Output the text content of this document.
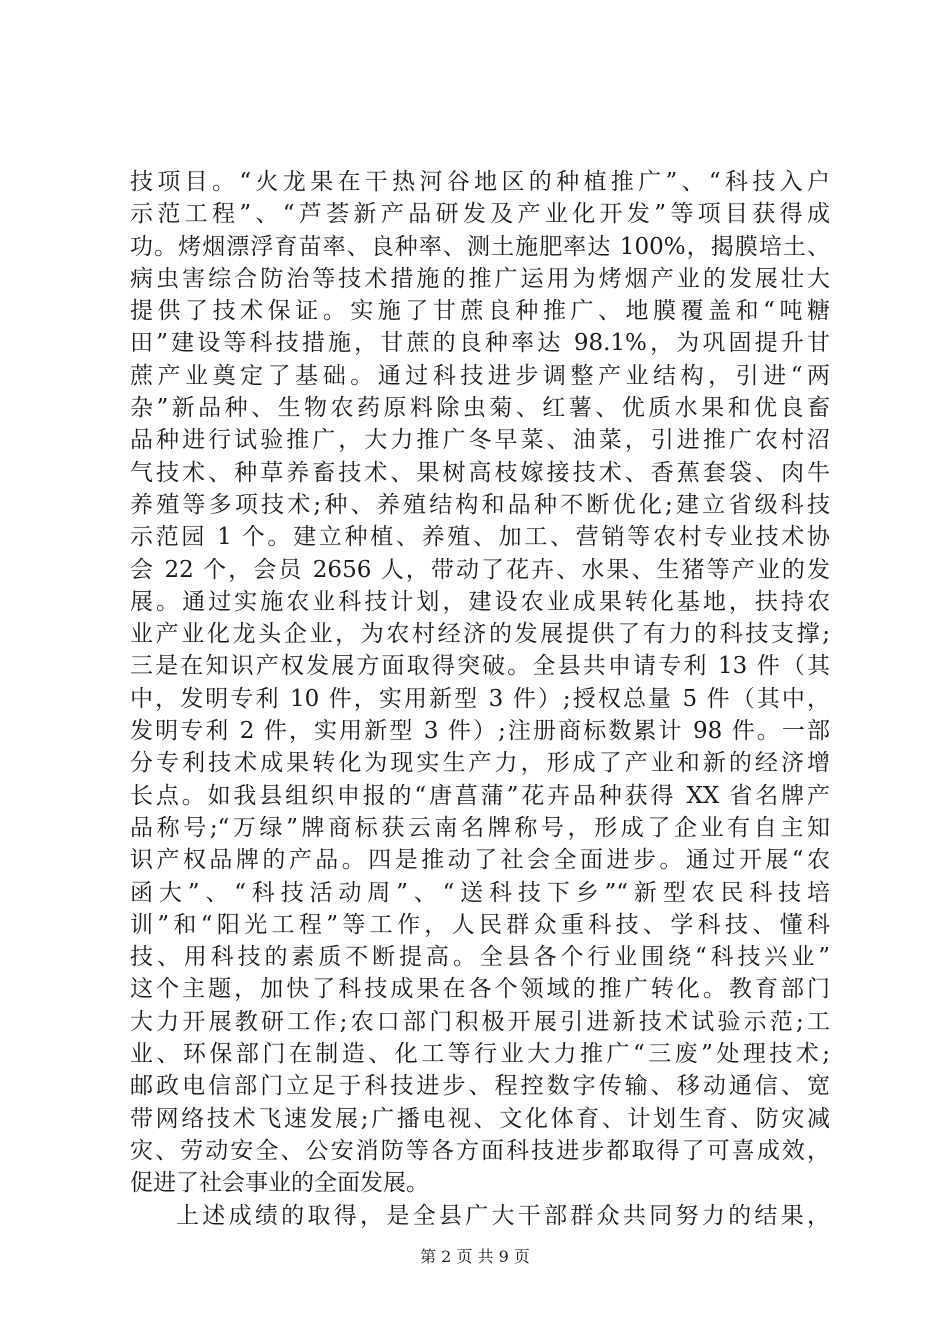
技项目。“火龙果在干热河谷地区的种植推广”、“科技入户
示范工程”、“芦荟新产品研发及产业化开发”等项目获得成
功。烤烟漂浮育苗率、良种率、测土施肥率达 100%，揭膜培土、
病虫害综合防治等技术措施的推广运用为烤烟产业的发展壮大
提供了技术保证。实施了甘蔗良种推广、地膜覆盖和“吨糖
田”建设等科技措施，甘蔗的良种率达 98.1%，为巩固提升甘
蔗产业奠定了基础。通过科技进步调整产业结构，引进“两
杂”新品种、生物农药原料除虫菊、红薯、优质水果和优良畜
品种进行试验推广，大力推广冬早菜、油菜，引进推广农村沼
气技术、种草养畜技术、果树高枝嫁接技术、香蕉套袋、肉牛
养殖等多项技术;种、养殖结构和品种不断优化;建立省级科技
示范园 1 个。建立种植、养殖、加工、营销等农村专业技术协
会 22 个，会员 2656 人，带动了花卉、水果、生猪等产业的发
展。通过实施农业科技计划，建设农业成果转化基地，扶持农
业产业化龙头企业，为农村经济的发展提供了有力的科技支撑;
三是在知识产权发展方面取得突破。全县共申请专利 13 件（其
中，发明专利 10 件，实用新型 3 件）;授权总量 5 件（其中，
发明专利 2 件，实用新型 3 件）;注册商标数累计 98 件。一部
分专利技术成果转化为现实生产力，形成了产业和新的经济增
长点。如我县组织申报的“唐菖蒲”花卉品种获得 XX 省名牌产
品称号;“万绿”牌商标获云南名牌称号，形成了企业有自主知
识产权品牌的产品。四是推动了社会全面进步。通过开展“农
函大”、“科技活动周”、“送科技下乡”“新型农民科技培
训”和“阳光工程”等工作，人民群众重科技、学科技、懂科
技、用科技的素质不断提高。全县各个行业围绕“科技兴业”
这个主题，加快了科技成果在各个领域的推广转化。教育部门
大力开展教研工作;农口部门积极开展引进新技术试验示范;工
业、环保部门在制造、化工等行业大力推广“三废”处理技术;
邮政电信部门立足于科技进步、程控数字传输、移动通信、宽
带网络技术飞速发展;广播电视、文化体育、计划生育、防灾减
灾、劳动安全、公安消防等各方面科技进步都取得了可喜成效，
促进了社会事业的全面发展。
上述成绩的取得，是全县广大干部群众共同努力的结果，
第 2 页 共 9 页
